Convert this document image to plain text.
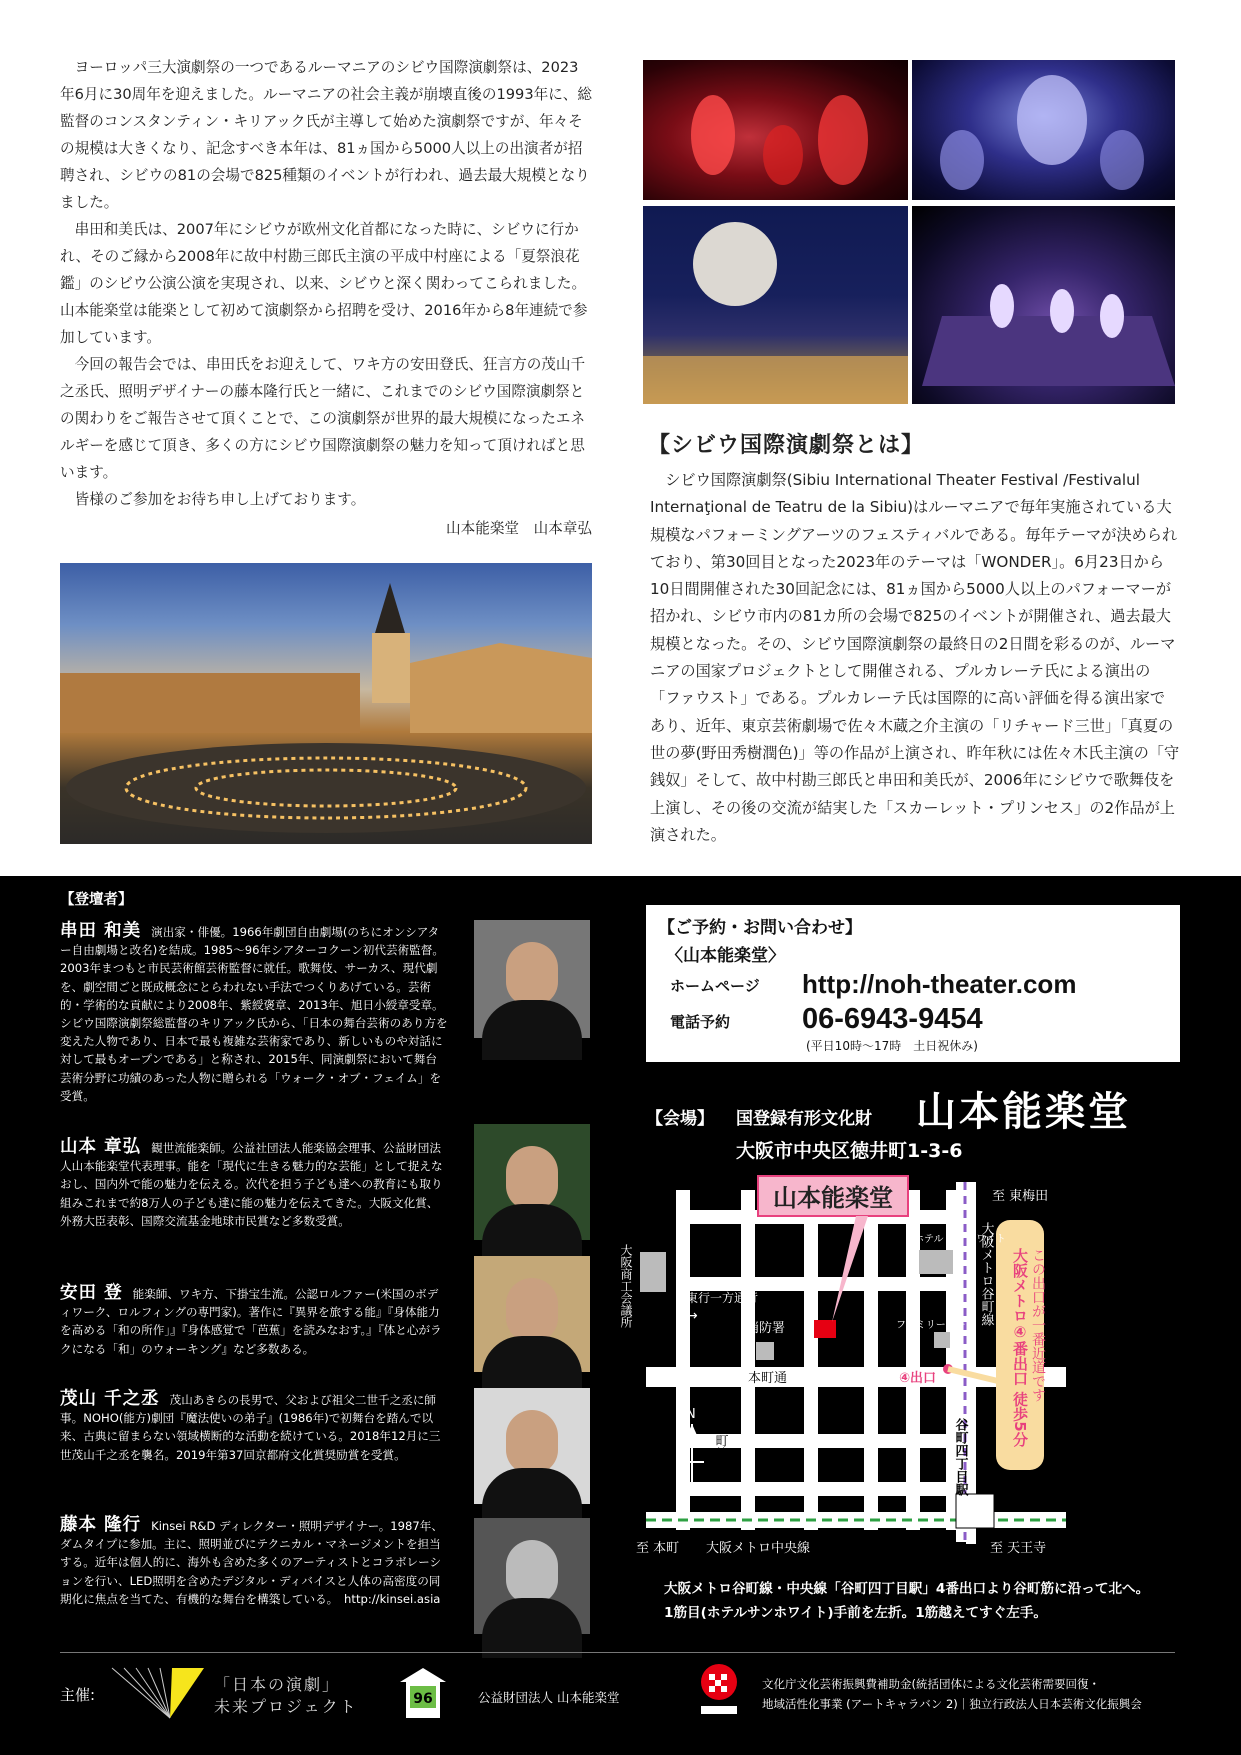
ヨーロッパ三大演劇祭の一つであるルーマニアのシビウ国際演劇祭は、2023年6月に30周年を迎えました。ルーマニアの社会主義が崩壊直後の1993年に、総監督のコンスタンティン・キリアック氏が主導して始めた演劇祭ですが、年々その規模は大きくなり、記念すべき本年は、81ヵ国から5000人以上の出演者が招聘され、シビウの81の会場で825種類のイベントが行われ、過去最大規模となりました。

串田和美氏は、2007年にシビウが欧州文化首都になった時に、シビウに行かれ、そのご縁から2008年に故中村勘三郎氏主演の平成中村座による「夏祭浪花鑑」のシビウ公演公演を実現され、以来、シビウと深く関わってこられました。山本能楽堂は能楽として初めて演劇祭から招聘を受け、2016年から8年連続で参加しています。

今回の報告会では、串田氏をお迎えして、ワキ方の安田登氏、狂言方の茂山千之丞氏、照明デザイナーの藤本隆行氏と一緒に、これまでのシビウ国際演劇祭との関わりをご報告させて頂くことで、この演劇祭が世界的最大規模になったエネルギーを感じて頂き、多くの方にシビウ国際演劇祭の魅力を知って頂ければと思います。

皆様のご参加をお待ち申し上げております。

山本能楽堂　山本章弘

【シビウ国際演劇祭とは】
シビウ国際演劇祭(Sibiu International Theater Festival /Festivalul Internaţional de Teatru de la Sibiu)はルーマニアで毎年実施されている大規模なパフォーミングアーツのフェスティバルである。毎年テーマが決められており、第30回目となった2023年のテーマは「WONDER」。6月23日から10日間開催された30回記念には、81ヵ国から5000人以上のパフォーマーが招かれ、シビウ市内の81カ所の会場で825のイベントが開催され、過去最大規模となった。その、シビウ国際演劇祭の最終日の2日間を彩るのが、ルーマニアの国家プロジェクトとして開催される、プルカレーテ氏による演出の「ファウスト」である。プルカレーテ氏は国際的に高い評価を得る演出家であり、近年、東京芸術劇場で佐々木蔵之介主演の「リチャード三世」「真夏の世の夢(野田秀樹潤色)」等の作品が上演され、昨年秋には佐々木氏主演の「守銭奴」そして、故中村勘三郎氏と串田和美氏が、2006年にシビウで歌舞伎を上演し、その後の交流が結実した「スカーレット・プリンセス」の2作品が上演された。
【登壇者】
串田 和美 演出家・俳優。1966年劇団自由劇場(のちにオンシアター自由劇場と改名)を結成。1985～96年シアターコクーン初代芸術監督。2003年まつもと市民芸術館芸術監督に就任。歌舞伎、サーカス、現代劇を、劇空間ごと既成概念にとらわれない手法でつくりあげている。芸術的・学術的な貢献により2008年、紫綬褒章、2013年、旭日小綬章受章。シビウ国際演劇祭総監督のキリアック氏から、「日本の舞台芸術のあり方を変えた人物であり、日本で最も複雑な芸術家であり、新しいものや対話に対して最もオープンである」と称され、2015年、同演劇祭において舞台芸術分野に功績のあった人物に贈られる「ウォーク・オブ・フェイム」を受賞。
山本 章弘 観世流能楽師。公益社団法人能楽協会理事、公益財団法人山本能楽堂代表理事。能を「現代に生きる魅力的な芸能」として捉えなおし、国内外で能の魅力を伝える。次代を担う子ども達への教育にも取り組みこれまで約8万人の子ども達に能の魅力を伝えてきた。大阪文化賞、外務大臣表彰、国際交流基金地球市民賞など多数受賞。
安田 登 能楽師、ワキ方、下掛宝生流。公認ロルファー(米国のボディワーク、ロルフィングの専門家)。著作に『異界を旅する能』『身体能力を高める「和の所作」』『身体感覚で「芭蕉」を読みなおす。』『体と心がラクになる「和」のウォーキング』など多数ある。
茂山 千之丞 茂山あきらの長男で、父および祖父二世千之丞に師事。NOHO(能方)劇団『魔法使いの弟子』(1986年)で初舞台を踏んで以来、古典に留まらない領域横断的な活動を続けている。2018年12月に三世茂山千之丞を襲名。2019年第37回京都府文化賞奨励賞を受賞。
藤本 隆行 Kinsei R&D ディレクター・照明デザイナー。1987年、ダムタイプに参加。主に、照明並びにテクニカル・マネージメントを担当する。近年は個人的に、海外も含めた多くのアーティストとコラボレーションを行い、LED照明を含めたデジタル・ディバイスと人体の高密度の同期化に焦点を当てた、有機的な舞台を構築している。　http://kinsei.asia
【ご予約・お問い合わせ】
〈山本能楽堂〉
ホームページ http://noh-theater.com
電話予約 06-6943-9454
(平日10時～17時　土日祝休み)
【会場】 国登録有形文化財 山本能楽堂
大阪市中央区徳井町1-3-6
山本能楽堂
大阪メトロ④番出口 徒歩5分 この出口が一番近道です
至 東梅田
大阪メトロ谷町線
大阪商工会議所	東行一方通行
→
消防署
ホテル サンホワイト
ファミリーマート
本町通	④出口
N 松屋町筋	谷町四丁目駅
至 本町 大阪メトロ中央線	至 天王寺
大阪メトロ谷町線・中央線「谷町四丁目駅」4番出口より谷町筋に沿って北へ。
1筋目(ホテルサンホワイト)手前を左折。1筋越えてすぐ左手。
主催:
「日本の演劇」
未来プロジェクト	96	公益財団法人 山本能楽堂
文化庁文化芸術振興費補助金(統括団体による文化芸術需要回復・
地域活性化事業 (アートキャラバン 2)｜独立行政法人日本芸術文化振興会
